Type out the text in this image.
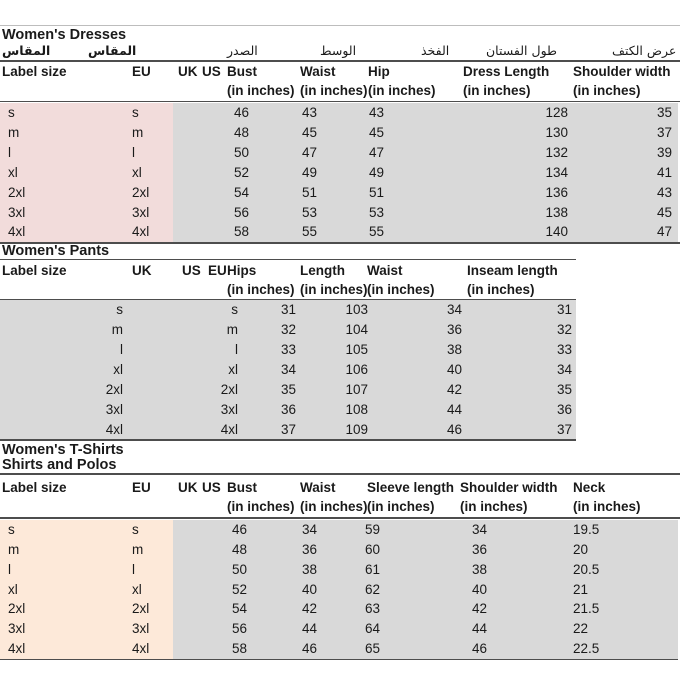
Women's Dresses
المقاس	المقاس	الصدر	الوسط	الفخذ	طول الفستان	عرض الكتف
Label size	EU	UK US Bust	Waist	Hip	Dress Length	Shoulder width
(in inches) (in inches) (in inches)	(in inches)	(in inches)
s	s	46	43	43	128	35
m	m	48	45	45	130	37
l	l	50	47	47	132	39
xl	xl	52	49	49	134	41
2xl	2xl	54	51	51	136	43
3xl	3xl	56	53	53	138	45
4xl	4xl	58	55	55	140	47
Women's Pants
Label size	UK	US EU Hips	Length	Waist	Inseam length
(in inches) (in inches) (in inches)	(in inches)
s	s	31	103	34	31
m	m	32	104	36	32
l	l	33	105	38	33
xl	xl	34	106	40	34
2xl	2xl	35	107	42	35
3xl	3xl	36	108	44	36
4xl	4xl	37	109	46	37
Women's T-Shirts
Shirts and Polos
Label size	EU	UK US Bust	Waist	Sleeve length Shoulder width	Neck
(in inches) (in inches) (in inches)	(in inches)	(in inches)
s	s	46	34	59	34	19.5
m	m	48	36	60	36	20
l	l	50	38	61	38	20.5
xl	xl	52	40	62	40	21
2xl	2xl	54	42	63	42	21.5
3xl	3xl	56	44	64	44	22
4xl	4xl	58	46	65	46	22.5
